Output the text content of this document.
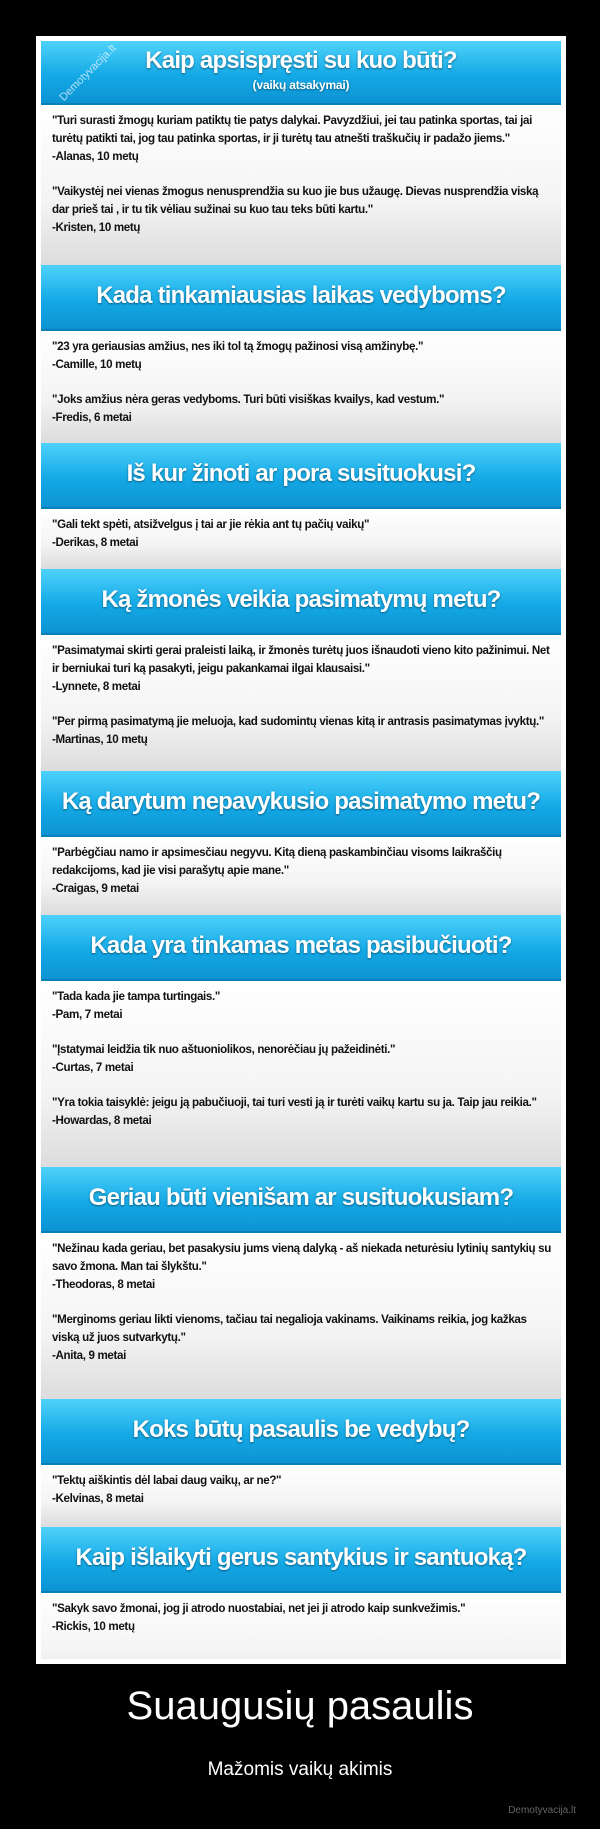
Kaip apsispręsti su kuo būti?
(vaikų atsakymai)
Demotyvacija.lt
"Turi surasti žmogų kuriam patiktų tie patys dalykai. Pavyzdžiui, jei tau patinka sportas, tai jai turėtų patikti tai, jog tau patinka sportas, ir ji turėtų tau atnešti traškučių ir padažo jiems."
-Alanas, 10 metų
"Vaikystėj nei vienas žmogus nenusprendžia su kuo jie bus užaugę. Dievas nusprendžia viską dar prieš tai , ir tu tik vėliau sužinai su kuo tau teks būti kartu."
-Kristen, 10 metų
Kada tinkamiausias laikas vedyboms?
"23 yra geriausias amžius, nes iki tol tą žmogų pažinosi visą amžinybę."
-Camille, 10 metų
"Joks amžius nėra geras vedyboms. Turi būti visiškas kvailys, kad vestum."
-Fredis, 6 metai
Iš kur žinoti ar pora susituokusi?
"Gali tekt spėti, atsižvelgus į tai ar jie rėkia ant tų pačių vaikų"
-Derikas, 8 metai
Ką žmonės veikia pasimatymų metu?
"Pasimatymai skirti gerai praleisti laiką, ir žmonės turėtų juos išnaudoti vieno kito pažinimui. Net ir berniukai turi ką pasakyti, jeigu pakankamai ilgai klausaisi."
-Lynnete, 8 metai
"Per pirmą pasimatymą jie meluoja, kad sudomintų vienas kitą ir antrasis pasimatymas įvyktų."
-Martinas, 10 metų
Ką darytum nepavykusio pasimatymo metu?
"Parbėgčiau namo ir apsimesčiau negyvu. Kitą dieną paskambinčiau visoms laikraščių redakcijoms, kad jie visi parašytų apie mane."
-Craigas, 9 metai
Kada yra tinkamas metas pasibučiuoti?
"Tada kada jie tampa turtingais."
-Pam, 7 metai
"Įstatymai leidžia tik nuo aštuoniolikos, nenorėčiau jų pažeidinėti."
-Curtas, 7 metai
"Yra tokia taisyklė: jeigu ją pabučiuoji, tai turi vesti ją ir turėti vaikų kartu su ja. Taip jau reikia."
-Howardas, 8 metai
Geriau būti vienišam ar susituokusiam?
"Nežinau kada geriau, bet pasakysiu jums vieną dalyką - aš niekada neturėsiu lytinių santykių su savo žmona. Man tai šlykštu."
-Theodoras, 8 metai
"Merginoms geriau likti vienoms, tačiau tai negalioja vakinams. Vaikinams reikia, jog kažkas viską už juos sutvarkytų."
-Anita, 9 metai
Koks būtų pasaulis be vedybų?
"Tektų aiškintis dėl labai daug vaikų, ar ne?"
-Kelvinas, 8 metai
Kaip išlaikyti gerus santykius ir santuoką?
"Sakyk savo žmonai, jog ji atrodo nuostabiai, net jei ji atrodo kaip sunkvežimis."
-Rickis, 10 metų
Suaugusių pasaulis
Mažomis vaikų akimis
Demotyvacija.lt
